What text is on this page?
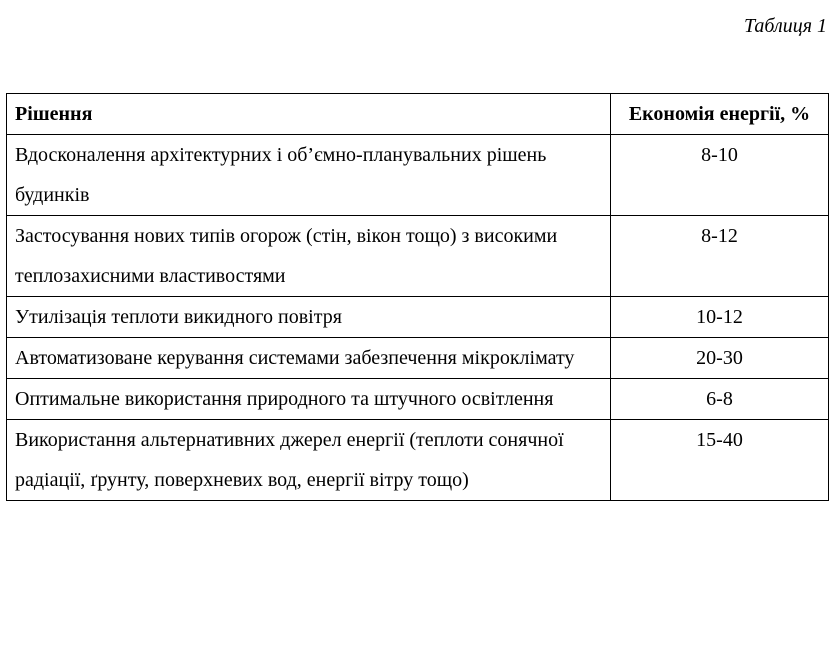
Таблиця 1
Рішення	Економія енергії, %
Вдосконалення архітектурних і об’ємно-планувальних рішень будинків	8-10
Застосування нових типів огорож (стін, вікон тощо) з високими теплозахисними властивостями	8-12
Утилізація теплоти викидного повітря	10-12
Автоматизоване керування системами забезпечення мікроклімату	20-30
Оптимальне використання природного та штучного освітлення	6-8
Використання альтернативних джерел енергії (теплоти сонячної радіації, ґрунту, поверхневих вод, енергії вітру тощо)	15-40
